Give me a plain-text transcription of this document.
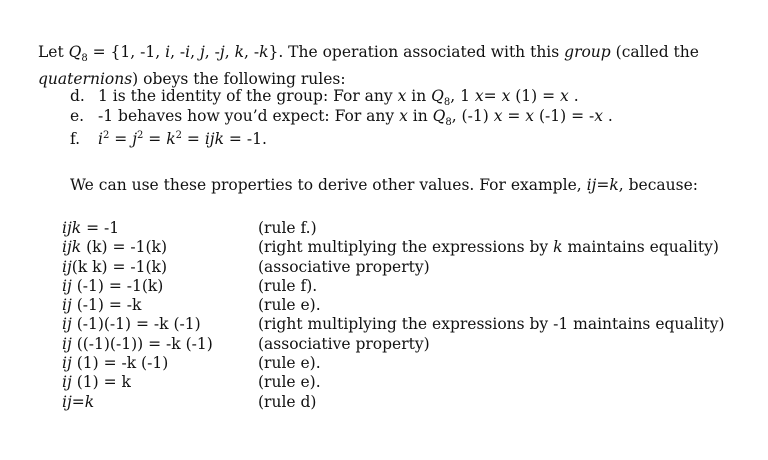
Let $Q_8 = \{1$, -1, i, -i, j, -j, k, -k}. The operation associated with this group (called the
quaternions) obeys the following rules:
d. 1 is the identity of the group: For any x in $Q_8$, 1 x= x (1) = x .
e. -1 behaves how you’d expect: For any x in $Q_8$, (-1) x = x (-1) = -x .
f. $i^2 = j^2 = k^2$ = ijk = -1.
We can use these properties to derive other values. For example, ij=k, because:
ijk = -1	(rule f.)
ijk (k) = -1(k)	(right multiplying the expressions by k maintains equality)
ij(k k) = -1(k)	(associative property)
ij (-1) = -1(k)	(rule f).
ij (-1) = -k	(rule e).
ij (-1)(-1) = -k (-1)	(right multiplying the expressions by -1 maintains equality)
ij ((-1)(-1)) = -k (-1)	(associative property)
ij (1) = -k (-1)	(rule e).
ij (1) = k	(rule e).
ij=k	(rule d)
